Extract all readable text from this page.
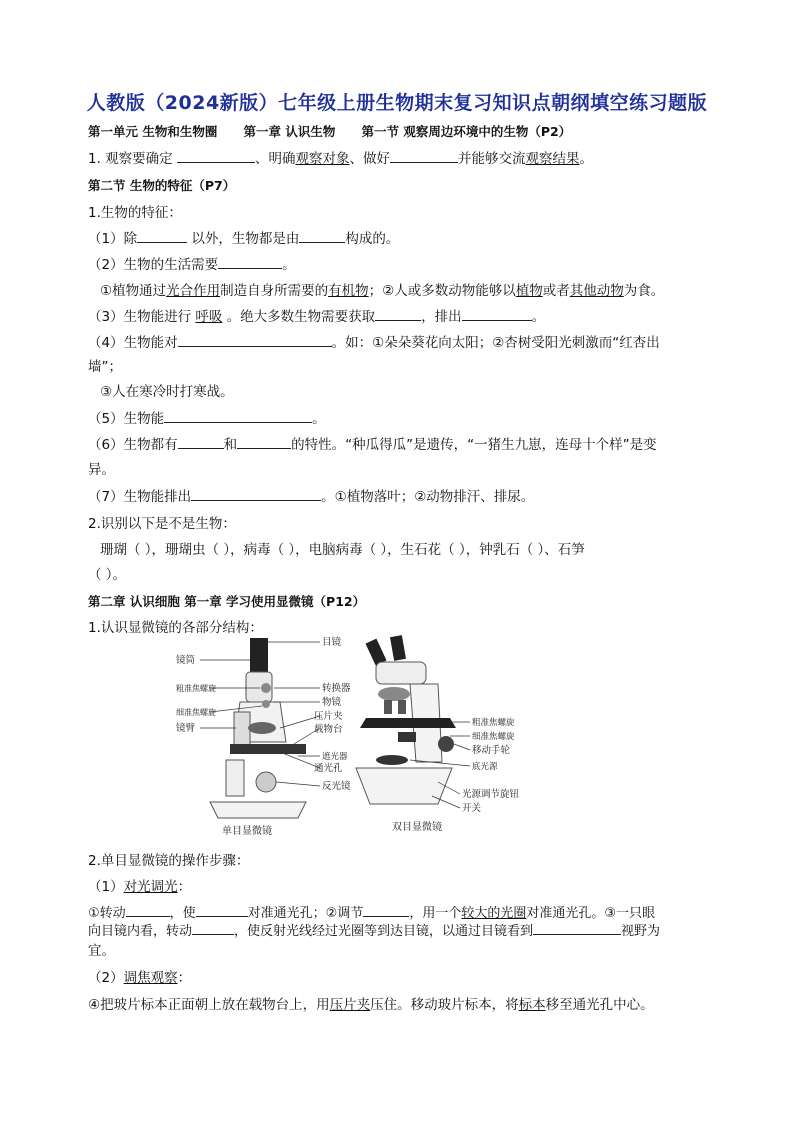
人教版（2024新版）七年级上册生物期末复习知识点朝纲填空练习题版
第一单元 生物和生物圈 第一章 认识生物 第一节 观察周边环境中的生物（P2）
1. 观察要确定	、明确观察对象、做好	并能够交流观察结果。
第二节 生物的特征（P7）
1.生物的特征：
（1）除	以外，生物都是由	构成的。
（2）生物的生活需要	。
①植物通过光合作用制造自身所需要的有机物；②人或多数动物能够以植物或者其他动物为食。
（3）生物能进行 呼吸 。绝大多数生物需要获取	，排出	。
（4）生物能对	。如：①朵朵葵花向太阳；②杏树受阳光刺激而“红杏出
墙”；
③人在寒冷时打寒战。
（5）生物能	。
（6）生物都有	和	的特性。“种瓜得瓜”是遗传，“一猪生九崽，连母十个样”是变
异。
（7）生物能排出	。①植物落叶；②动物排汗、排尿。
2.识别以下是不是生物：
珊瑚（ ），珊瑚虫（ ），病毒（ ），电脑病毒（ ），生石花（ ），钟乳石（ ）、石笋
（ ）。
第二章 认识细胞 第一章 学习使用显微镜（P12）
1.认识显微镜的各部分结构：
镜筒
粗准焦螺旋
细准焦螺旋
镜臂
目镜
转换器
物镜
压片夹
载物台
遮光器
通光孔
反光镜
粗准焦螺旋
细准焦螺旋
移动手轮
底光源
光源调节旋钮
开关
单目显微镜	双目显微镜
2.单目显微镜的操作步骤：
（1）对光调光：
①转动	，使	对准通光孔；②调节	，用一个较大的光圈对准通光孔。③一只眼
向目镜内看，转动	，使反射光线经过光圈等到达目镜，以通过目镜看到	视野为
宜。
（2）调焦观察：
④把玻片标本正面朝上放在载物台上，用压片夹压住。移动玻片标本，将标本移至通光孔中心。
